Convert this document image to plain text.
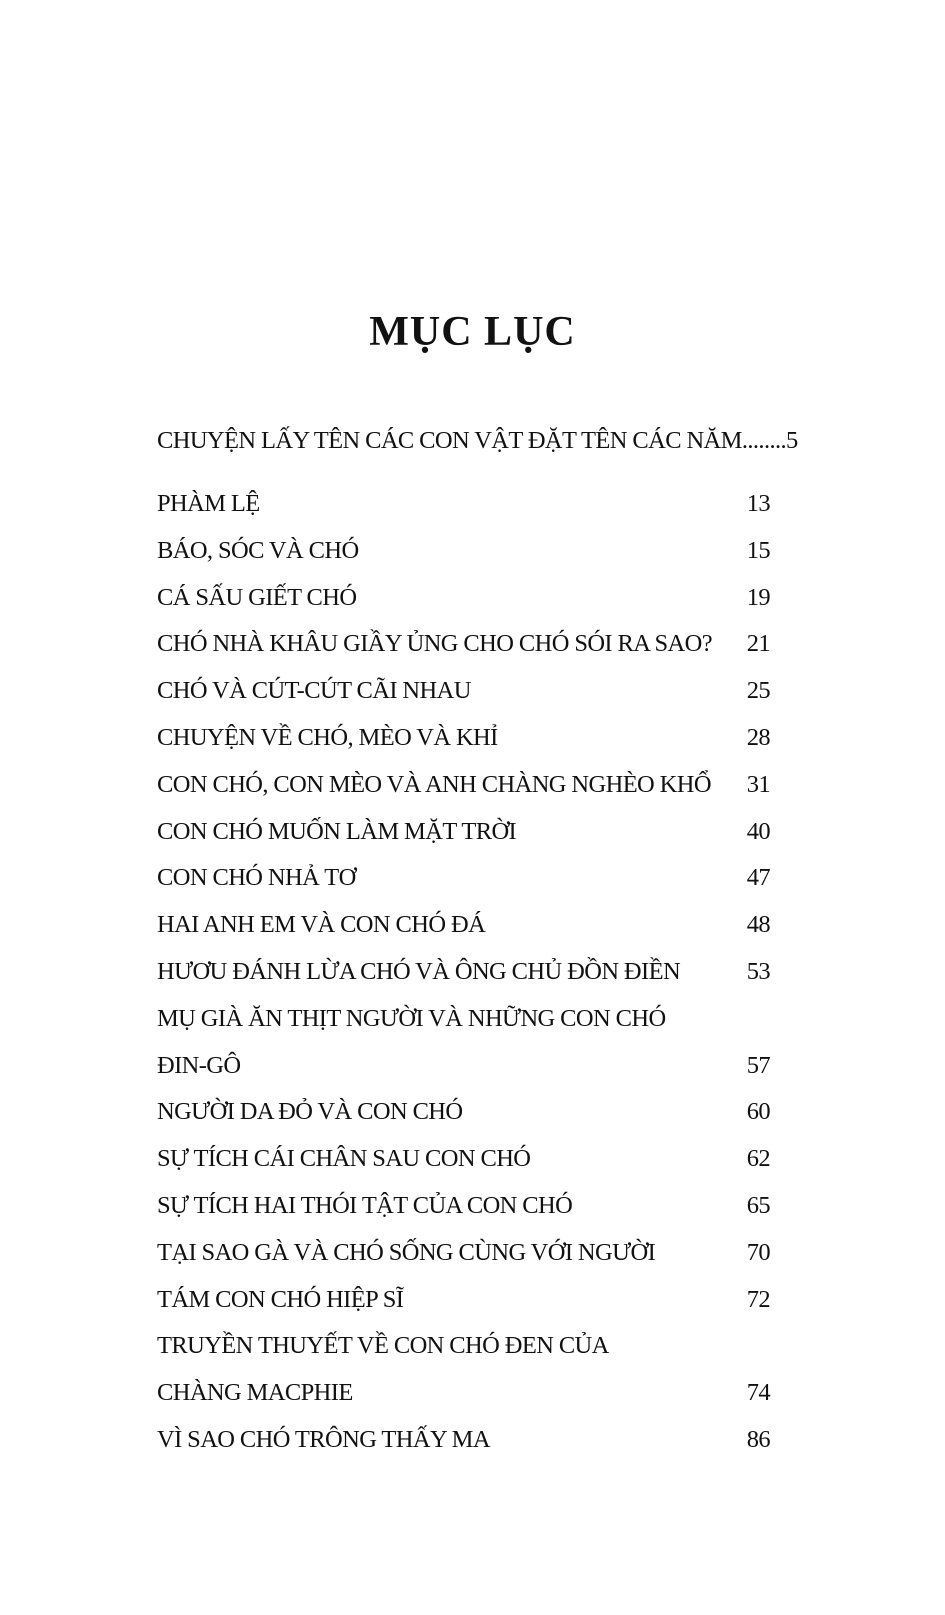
MỤC LỤC
CHUYỆN LẤY TÊN CÁC CON VẬT ĐẶT TÊN CÁC NĂM........5
PHÀM LỆ	13
BÁO, SÓC VÀ CHÓ	15
CÁ SẤU GIẾT CHÓ	19
CHÓ NHÀ KHÂU GIẦY ỦNG CHO CHÓ SÓI RA SAO? 21
CHÓ VÀ CÚT-CÚT CÃI NHAU	25
CHUYỆN VỀ CHÓ, MÈO VÀ KHỈ	28
CON CHÓ, CON MÈO VÀ ANH CHÀNG NGHÈO KHỔ 31
CON CHÓ MUỐN LÀM MẶT TRỜI	40
CON CHÓ NHẢ TƠ	47
HAI ANH EM VÀ CON CHÓ ĐÁ	48
HƯƠU ĐÁNH LỪA CHÓ VÀ ÔNG CHỦ ĐỒN ĐIỀN	53
MỤ GIÀ ĂN THỊT NGƯỜI VÀ NHỮNG CON CHÓ
ĐIN-GÔ	57
NGƯỜI DA ĐỎ VÀ CON CHÓ	60
SỰ TÍCH CÁI CHÂN SAU CON CHÓ	62
SỰ TÍCH HAI THÓI TẬT CỦA CON CHÓ	65
TẠI SAO GÀ VÀ CHÓ SỐNG CÙNG VỚI NGƯỜI	70
TÁM CON CHÓ HIỆP SĨ	72
TRUYỀN THUYẾT VỀ CON CHÓ ĐEN CỦA
CHÀNG MACPHIE	74
VÌ SAO CHÓ TRÔNG THẤY MA	86
